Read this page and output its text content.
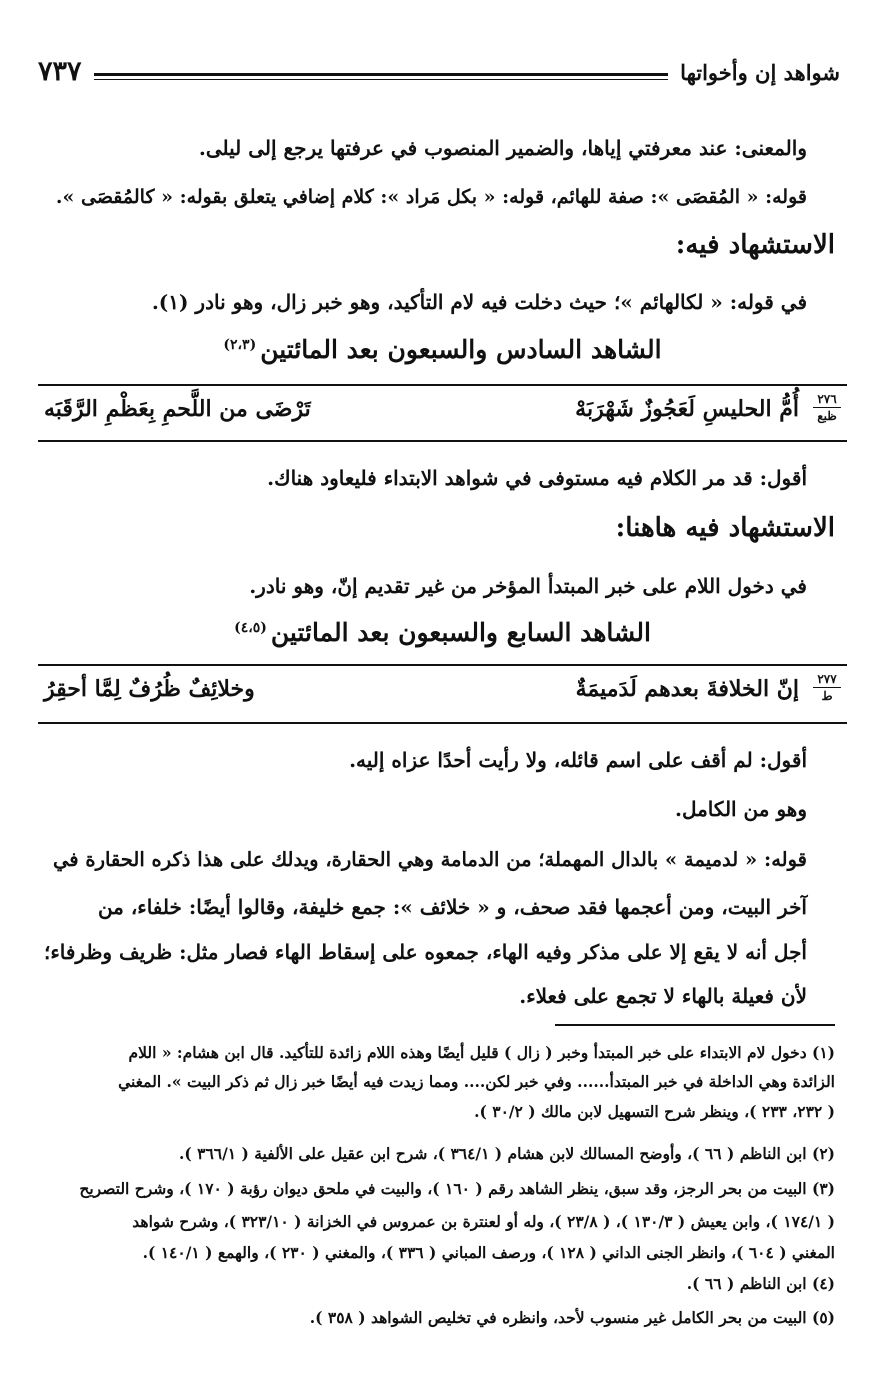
شواهد إن وأخواتها
٧٣٧
والمعنى: عند معرفتي إياها، والضمير المنصوب في عرفتها يرجع إلى ليلى.
قوله: « المُقصَى »: صفة للهائم، قوله: « بكل مَراد »: كلام إضافي يتعلق بقوله: « كالمُقصَى ».
الاستشهاد فيه:
في قوله: « لكالهائم »؛ حيث دخلت فيه لام التأكيد، وهو خبر زال، وهو نادر (١).
الشاهد السادس والسبعون بعد المائتين$^{(٢،٣)}$
٢٧٦
ظبع
أُمُّ الحليسِ لَعَجُوزٌ شَهْرَبَهْ
تَرْضَى من اللَّحمِ بِعَظْمِ الرَّقَبَه
أقول: قد مر الكلام فيه مستوفى في شواهد الابتداء فليعاود هناك.
الاستشهاد فيه هاهنا:
في دخول اللام على خبر المبتدأ المؤخر من غير تقديم إنّ، وهو نادر.
الشاهد السابع والسبعون بعد المائتين$^{(٤،٥)}$
٢٧٧
ط
إنّ الخلافةَ بعدهم لَدَميمَةٌ
وخلائِفٌ ظُرُفٌ لِمَّا أحقِرُ
أقول: لم أقف على اسم قائله، ولا رأيت أحدًا عزاه إليه.
وهو من الكامل.
قوله: « لدميمة » بالدال المهملة؛ من الدمامة وهي الحقارة، ويدلك على هذا ذكره الحقارة في
آخر البيت، ومن أعجمها فقد صحف، و « خلائف »: جمع خليفة، وقالوا أيضًا: خلفاء، من
أجل أنه لا يقع إلا على مذكر وفيه الهاء، جمعوه على إسقاط الهاء فصار مثل: ظريف وظرفاء؛
لأن فعيلة بالهاء لا تجمع على فعلاء.
(١) دخول لام الابتداء على خبر المبتدأ وخبر ( زال ) قليل أيضًا وهذه اللام زائدة للتأكيد. قال ابن هشام: « اللام
الزائدة وهي الداخلة في خبر المبتدأ...... وفي خبر لكن.... ومما زيدت فيه أيضًا خبر زال ثم ذكر البيت ». المغني
( ٢٣٢، ٢٣٣ )، وينظر شرح التسهيل لابن مالك ( ٣٠/٢ ).
(٢) ابن الناظم ( ٦٦ )، وأوضح المسالك لابن هشام ( ٣٦٤/١ )، شرح ابن عقيل على الألفية ( ٣٦٦/١ ).
(٣) البيت من بحر الرجز، وقد سبق، ينظر الشاهد رقم ( ١٦٠ )، والبيت في ملحق ديوان رؤبة ( ١٧٠ )، وشرح التصريح
( ١٧٤/١ )، وابن يعيش ( ١٣٠/٣ )، ( ٢٣/٨ )، وله أو لعنترة بن عمروس في الخزانة ( ٣٢٣/١٠ )، وشرح شواهد
المغني ( ٦٠٤ )، وانظر الجنى الداني ( ١٢٨ )، ورصف المباني ( ٣٣٦ )، والمغني ( ٢٣٠ )، والهمع ( ١٤٠/١ ).
(٤) ابن الناظم ( ٦٦ ).
(٥) البيت من بحر الكامل غير منسوب لأحد، وانظره في تخليص الشواهد ( ٣٥٨ ).
